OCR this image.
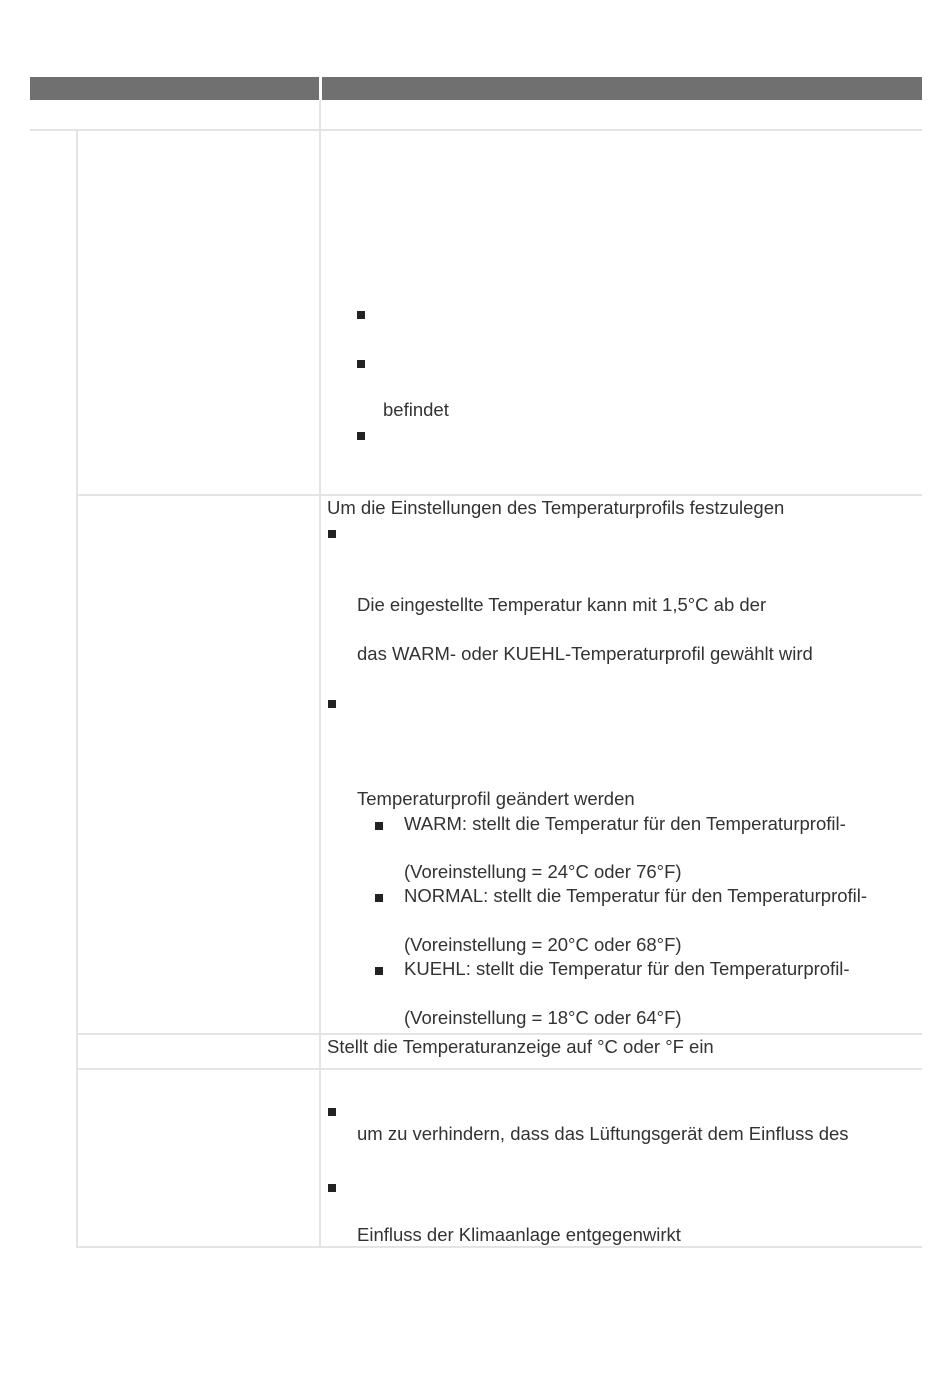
befindet
Um die Einstellungen des Temperaturprofils festzulegen
Die eingestellte Temperatur kann mit 1,5°C ab der
das WARM- oder KUEHL-Temperaturprofil gewählt wird
Temperaturprofil geändert werden
WARM: stellt die Temperatur für den Temperaturprofil-
(Voreinstellung = 24°C oder 76°F)
NORMAL: stellt die Temperatur für den Temperaturprofil-
(Voreinstellung = 20°C oder 68°F)
KUEHL: stellt die Temperatur für den Temperaturprofil-
(Voreinstellung = 18°C oder 64°F)
Stellt die Temperaturanzeige auf °C oder °F ein
um zu verhindern, dass das Lüftungsgerät dem Einfluss des
Einfluss der Klimaanlage entgegenwirkt
